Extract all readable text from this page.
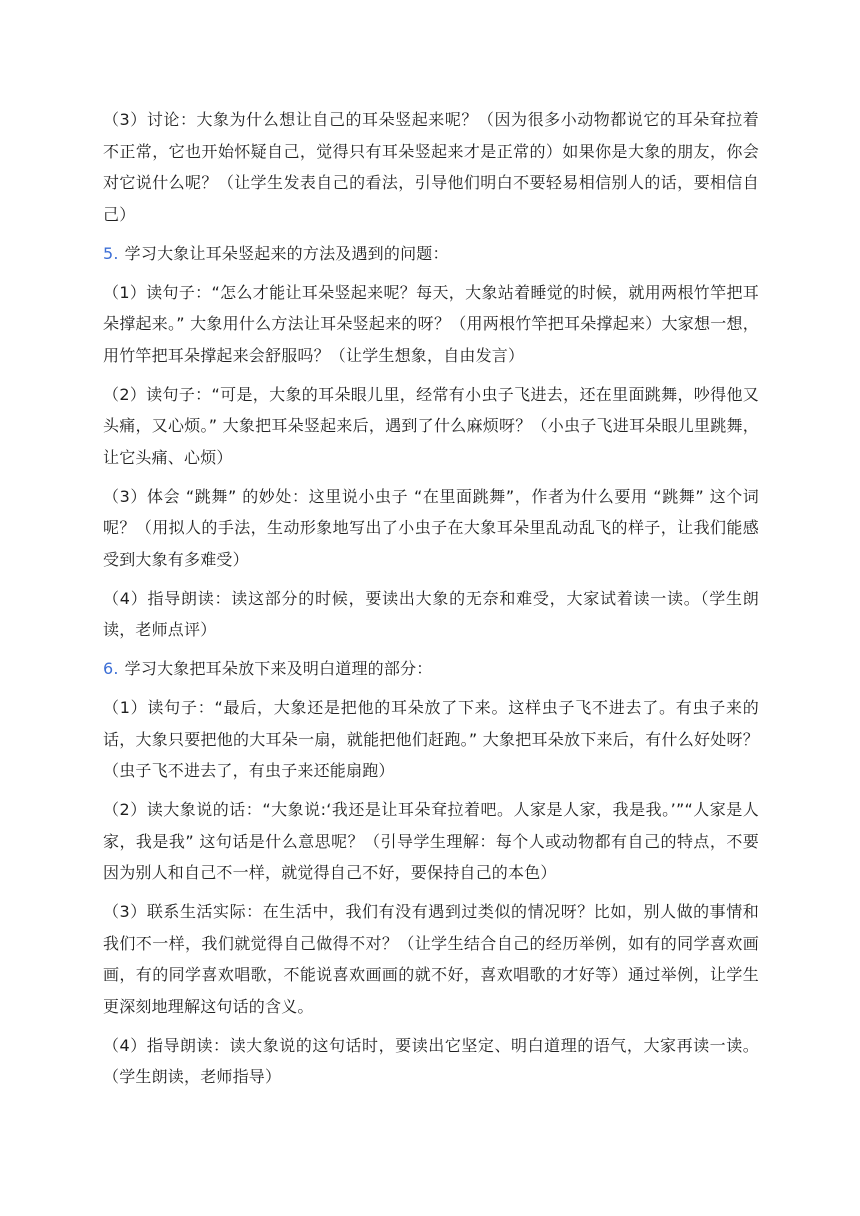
（3）讨论：大象为什么想让自己的耳朵竖起来呢？（因为很多小动物都说它的耳朵耷拉着不正常，它也开始怀疑自己，觉得只有耳朵竖起来才是正常的）如果你是大象的朋友，你会对它说什么呢？（让学生发表自己的看法，引导他们明白不要轻易相信别人的话，要相信自己）

5. 学习大象让耳朵竖起来的方法及遇到的问题：

（1）读句子：“怎么才能让耳朵竖起来呢？每天，大象站着睡觉的时候，就用两根竹竿把耳朵撑起来。” 大象用什么方法让耳朵竖起来的呀？（用两根竹竿把耳朵撑起来）大家想一想，用竹竿把耳朵撑起来会舒服吗？（让学生想象，自由发言）

（2）读句子：“可是，大象的耳朵眼儿里，经常有小虫子飞进去，还在里面跳舞，吵得他又头痛，又心烦。” 大象把耳朵竖起来后，遇到了什么麻烦呀？（小虫子飞进耳朵眼儿里跳舞，让它头痛、心烦）

（3）体会 “跳舞” 的妙处：这里说小虫子 “在里面跳舞”，作者为什么要用 “跳舞” 这个词呢？（用拟人的手法，生动形象地写出了小虫子在大象耳朵里乱动乱飞的样子，让我们能感受到大象有多难受）

（4）指导朗读：读这部分的时候，要读出大象的无奈和难受，大家试着读一读。（学生朗读，老师点评）

6. 学习大象把耳朵放下来及明白道理的部分：

（1）读句子：“最后，大象还是把他的耳朵放了下来。这样虫子飞不进去了。有虫子来的话，大象只要把他的大耳朵一扇，就能把他们赶跑。” 大象把耳朵放下来后，有什么好处呀？（虫子飞不进去了，有虫子来还能扇跑）

（2）读大象说的话：“大象说:‘我还是让耳朵耷拉着吧。人家是人家，我是我。’”“人家是人家，我是我” 这句话是什么意思呢？（引导学生理解：每个人或动物都有自己的特点，不要因为别人和自己不一样，就觉得自己不好，要保持自己的本色）

（3）联系生活实际：在生活中，我们有没有遇到过类似的情况呀？比如，别人做的事情和我们不一样，我们就觉得自己做得不对？（让学生结合自己的经历举例，如有的同学喜欢画画，有的同学喜欢唱歌，不能说喜欢画画的就不好，喜欢唱歌的才好等）通过举例，让学生更深刻地理解这句话的含义。

（4）指导朗读：读大象说的这句话时，要读出它坚定、明白道理的语气，大家再读一读。（学生朗读，老师指导）
